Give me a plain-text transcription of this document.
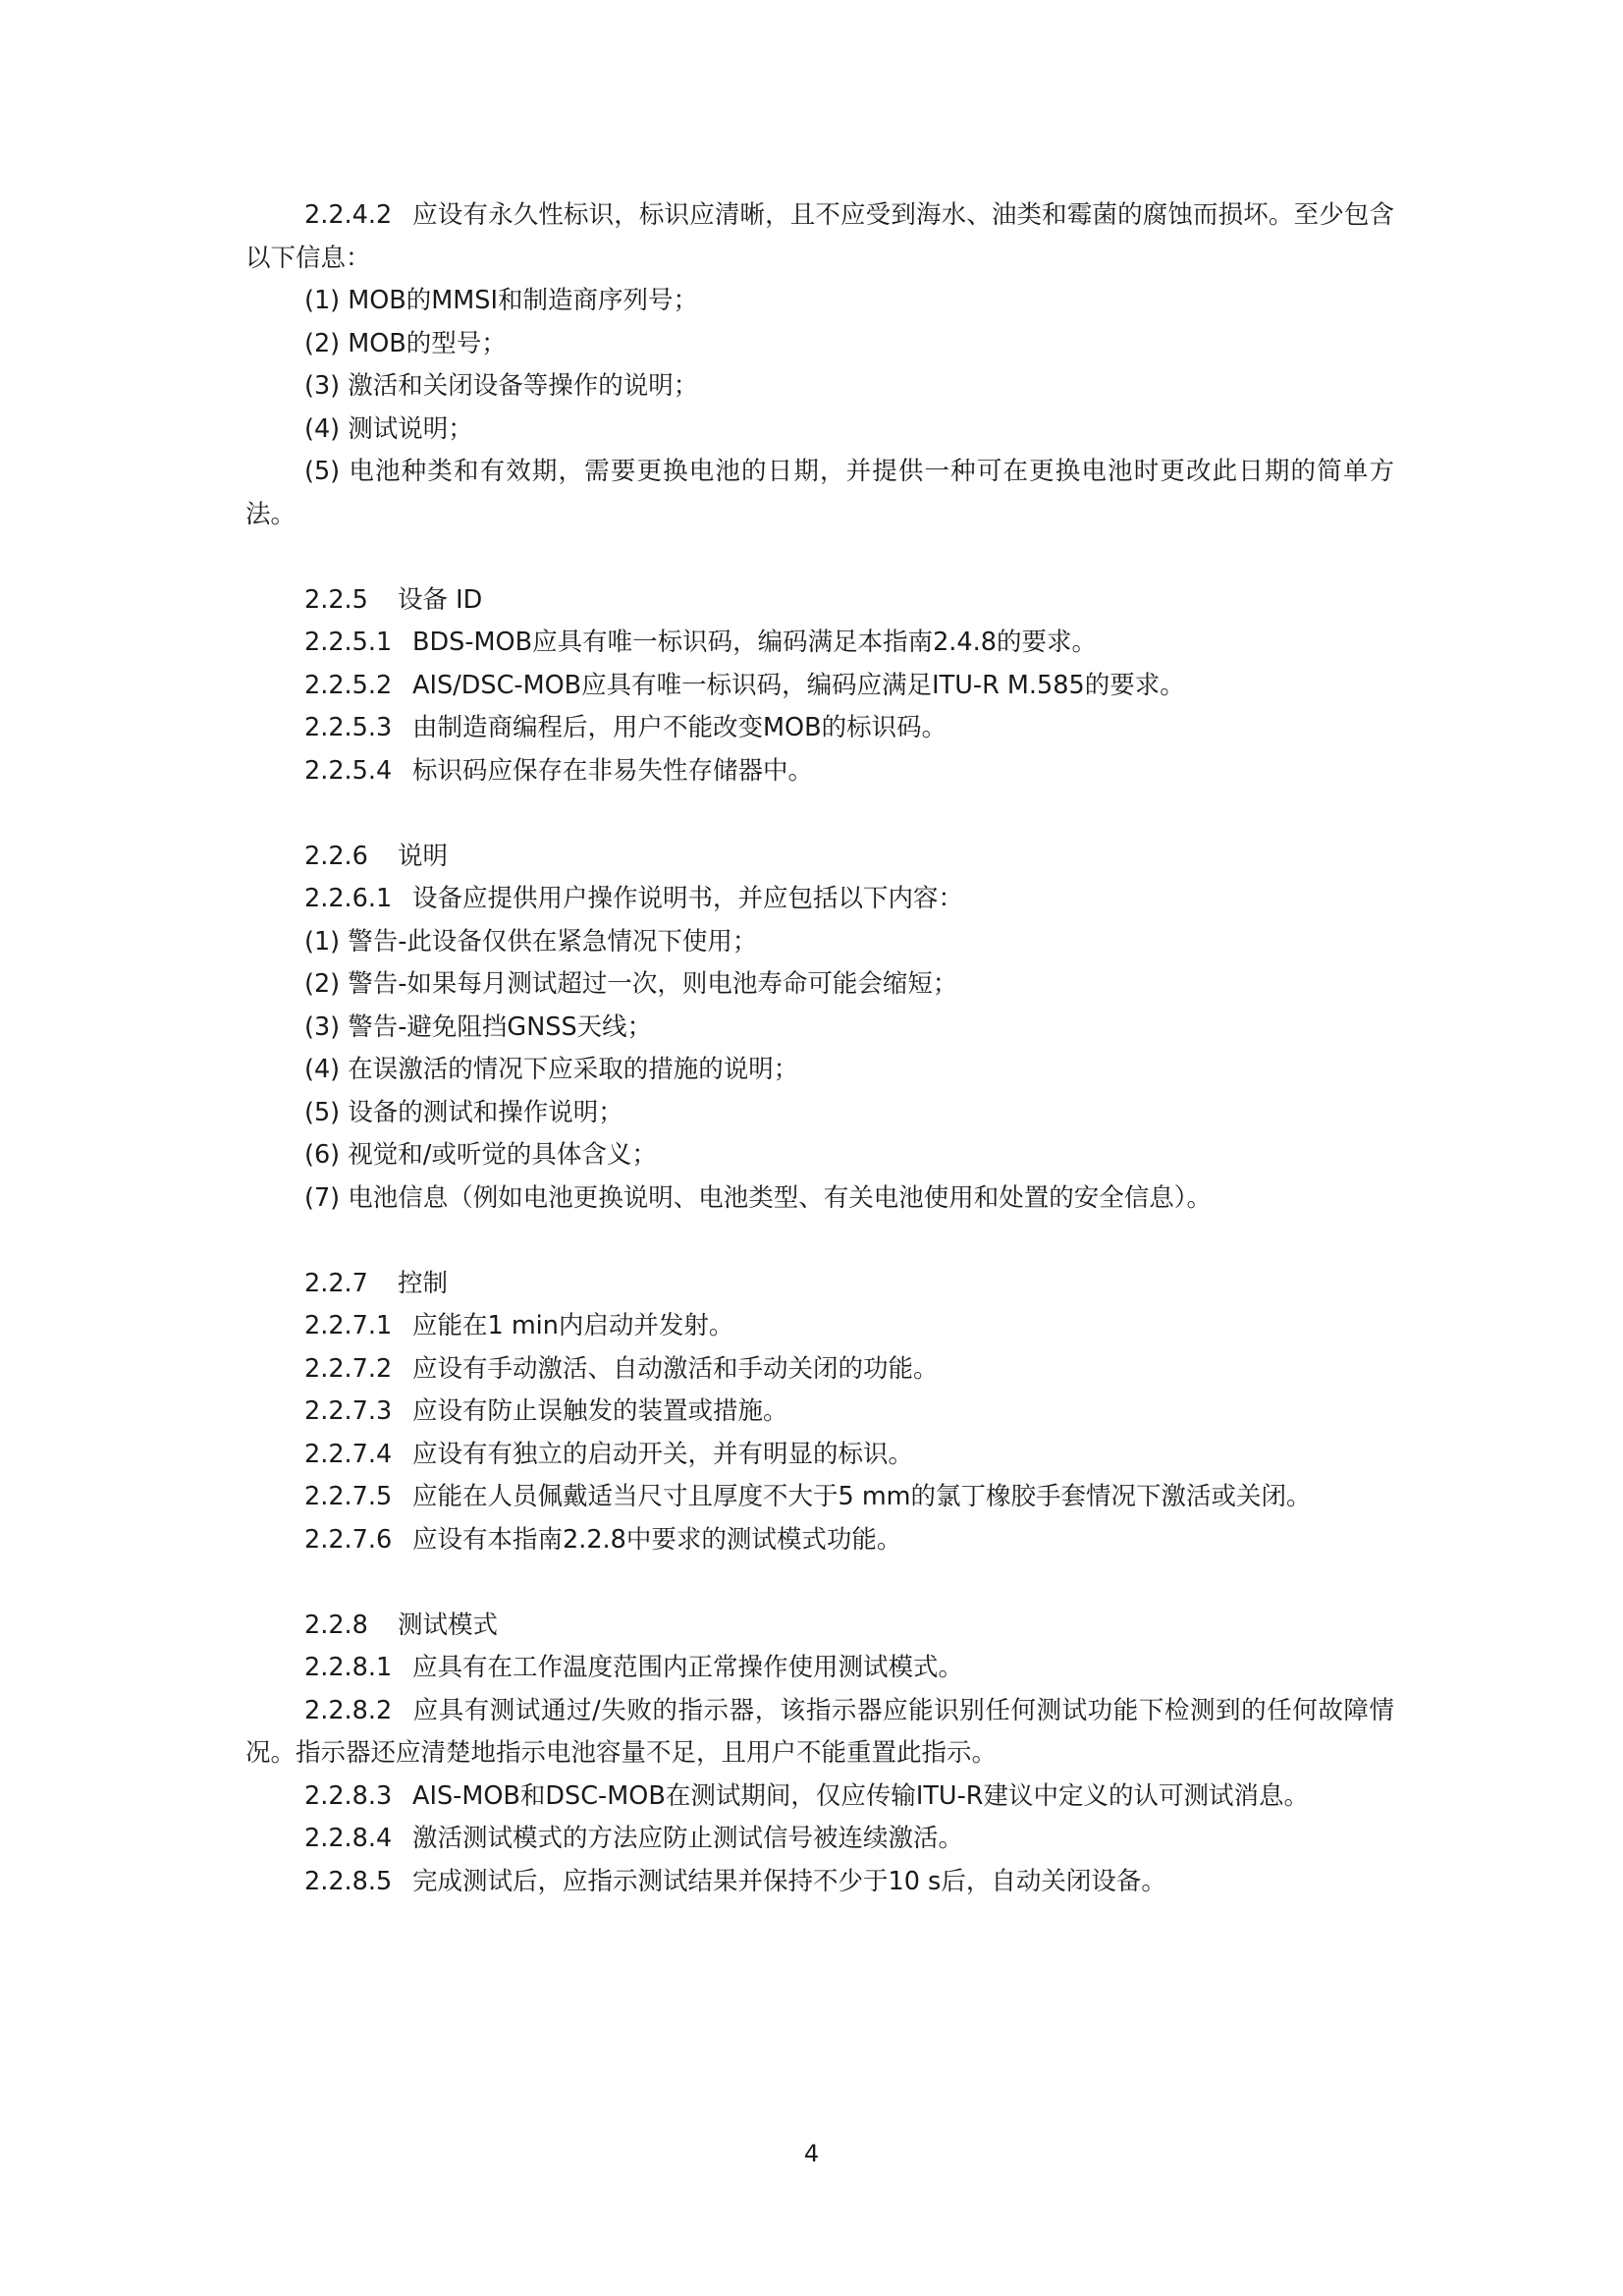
2.2.4.2 应设有永久性标识，标识应清晰，且不应受到海水、油类和霉菌的腐蚀而损坏。至少包含以下信息：

(1) MOB的MMSI和制造商序列号；

(2) MOB的型号；

(3) 激活和关闭设备等操作的说明；

(4) 测试说明；

(5) 电池种类和有效期，需要更换电池的日期，并提供一种可在更换电池时更改此日期的简单方法。

2.2.5 设备 ID

2.2.5.1 BDS-MOB应具有唯一标识码，编码满足本指南2.4.8的要求。

2.2.5.2 AIS/DSC-MOB应具有唯一标识码，编码应满足ITU-R M.585的要求。

2.2.5.3 由制造商编程后，用户不能改变MOB的标识码。

2.2.5.4 标识码应保存在非易失性存储器中。

2.2.6 说明

2.2.6.1 设备应提供用户操作说明书，并应包括以下内容：

(1) 警告-此设备仅供在紧急情况下使用；

(2) 警告-如果每月测试超过一次，则电池寿命可能会缩短；

(3) 警告-避免阻挡GNSS天线；

(4) 在误激活的情况下应采取的措施的说明；

(5) 设备的测试和操作说明；

(6) 视觉和/或听觉的具体含义；

(7) 电池信息（例如电池更换说明、电池类型、有关电池使用和处置的安全信息）。

2.2.7 控制

2.2.7.1 应能在1 min内启动并发射。

2.2.7.2 应设有手动激活、自动激活和手动关闭的功能。

2.2.7.3 应设有防止误触发的装置或措施。

2.2.7.4 应设有有独立的启动开关，并有明显的标识。

2.2.7.5 应能在人员佩戴适当尺寸且厚度不大于5 mm的氯丁橡胶手套情况下激活或关闭。

2.2.7.6 应设有本指南2.2.8中要求的测试模式功能。

2.2.8 测试模式

2.2.8.1 应具有在工作温度范围内正常操作使用测试模式。

2.2.8.2 应具有测试通过/失败的指示器，该指示器应能识别任何测试功能下检测到的任何故障情况。指示器还应清楚地指示电池容量不足，且用户不能重置此指示。

2.2.8.3 AIS-MOB和DSC-MOB在测试期间，仅应传输ITU-R建议中定义的认可测试消息。

2.2.8.4 激活测试模式的方法应防止测试信号被连续激活。

2.2.8.5 完成测试后，应指示测试结果并保持不少于10 s后，自动关闭设备。

4
